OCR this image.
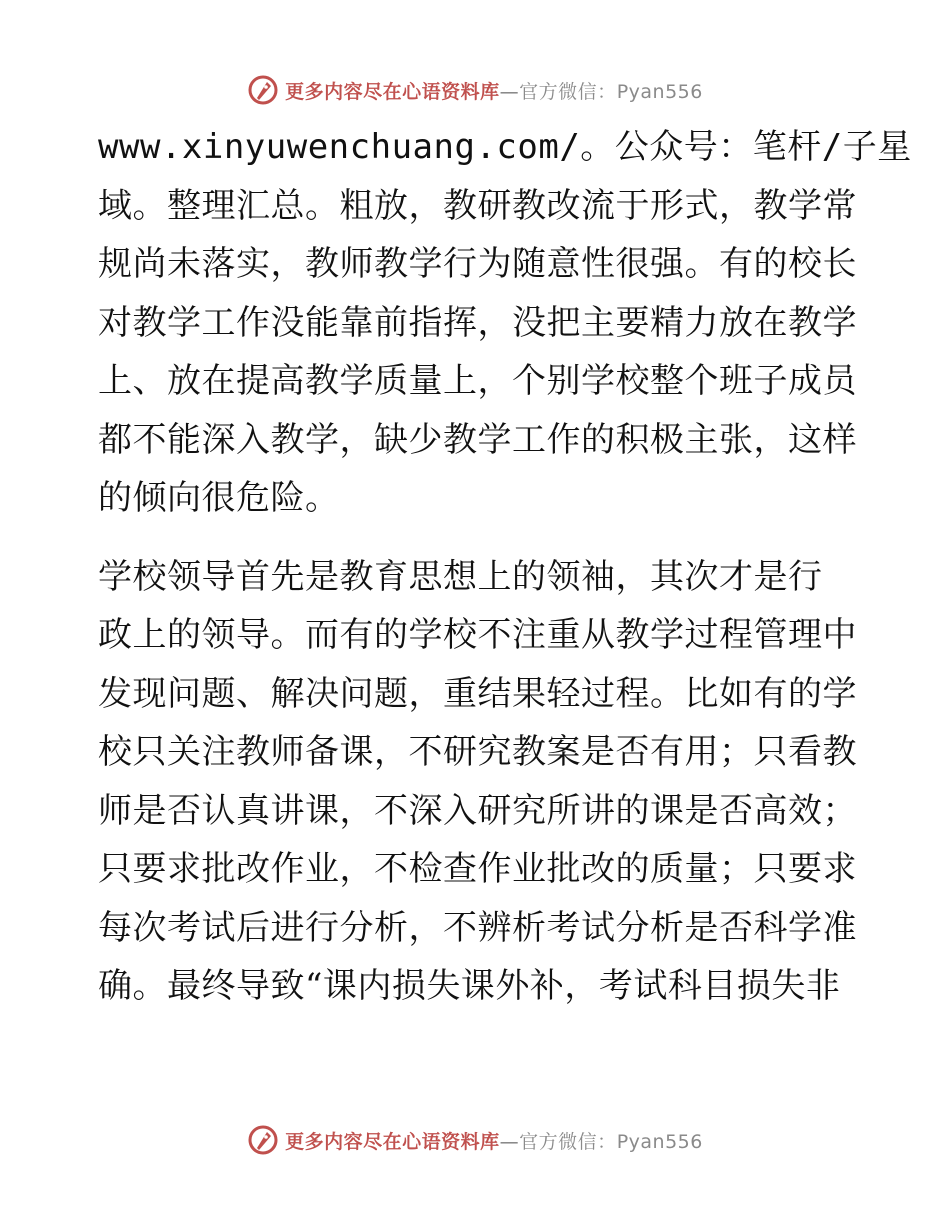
更多内容尽在心语资料库—官方微信：Pyan556
www.xinyuwenchuang.com/。公众号：笔杆/子星
域。整理汇总。粗放，教研教改流于形式，教学常
规尚未落实，教师教学行为随意性很强。有的校长
对教学工作没能靠前指挥，没把主要精力放在教学
上、放在提高教学质量上，个别学校整个班子成员
都不能深入教学，缺少教学工作的积极主张，这样
的倾向很危险。
学校领导首先是教育思想上的领袖，其次才是行
政上的领导。而有的学校不注重从教学过程管理中
发现问题、解决问题，重结果轻过程。比如有的学
校只关注教师备课，不研究教案是否有用；只看教
师是否认真讲课，不深入研究所讲的课是否高效；
只要求批改作业，不检查作业批改的质量；只要求
每次考试后进行分析，不辨析考试分析是否科学准
确。最终导致“课内损失课外补，考试科目损失非
更多内容尽在心语资料库—官方微信：Pyan556
